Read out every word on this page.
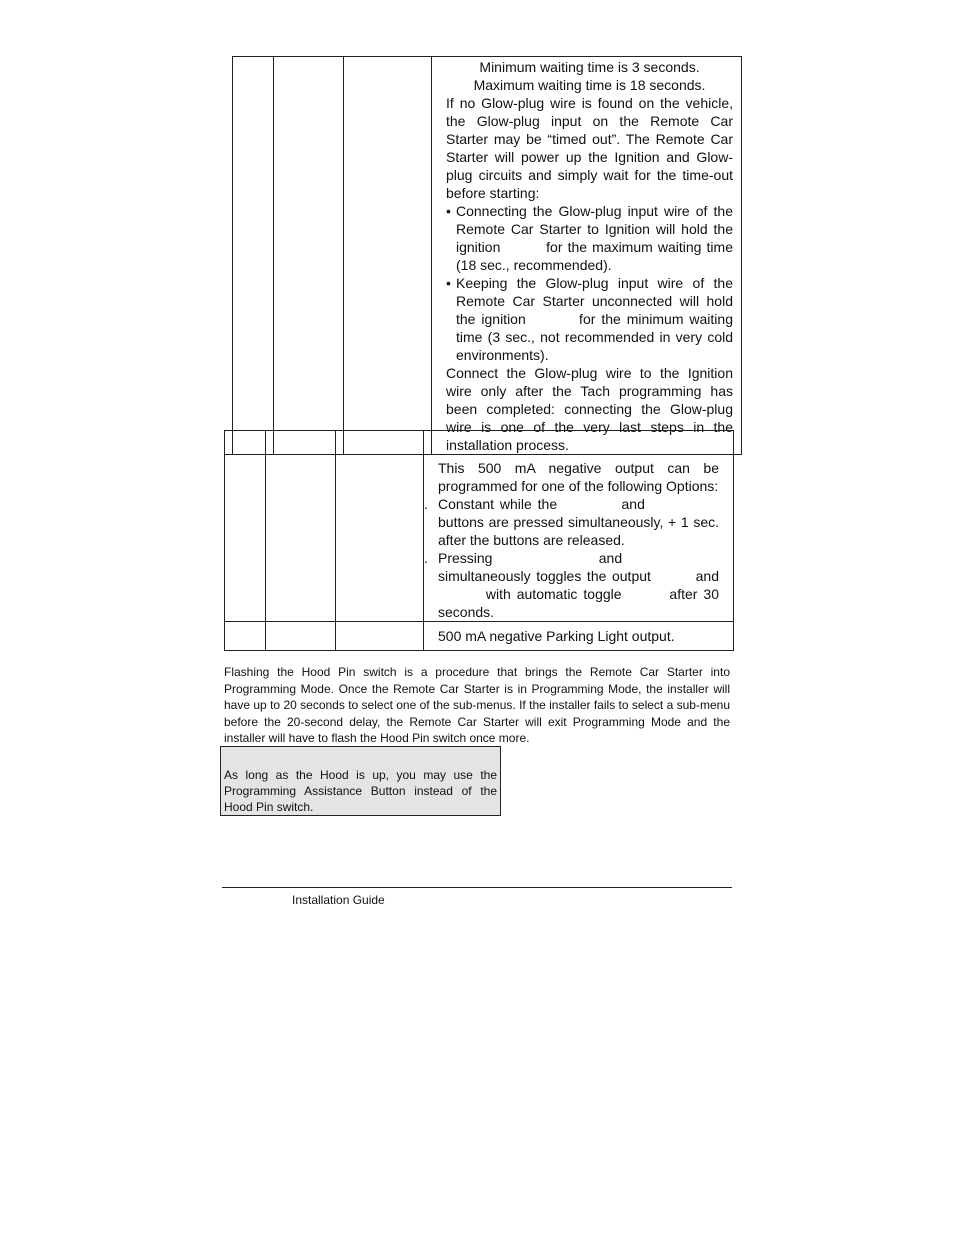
Minimum waiting time is 3 seconds.
Maximum waiting time is 18 seconds.

If no Glow-plug wire is found on the vehicle, the Glow-plug input on the Remote Car Starter may be “timed out”. The Remote Car Starter will power up the Ignition and Glow-plug circuits and simply wait for the time-out before starting:

• Connecting the Glow-plug input wire of the Remote Car Starter to Ignition will hold the ignition         for the maximum waiting time (18 sec., recommended).
• Keeping the Glow-plug input wire of the Remote Car Starter unconnected will hold the ignition         for the minimum waiting time (3 sec., not recommended in very cold environments).

Connect the Glow-plug wire to the Ignition wire only after the Tach programming has been completed: connecting the Glow-plug wire is one of the very last steps in the installation process.

			This 500 mA negative output can be programmed for one of the following Options:

. Constant while the           and              buttons are pressed simultaneously, + 1 sec. after the buttons are released.
. Pressing                and                simultaneously toggles the output        and         with automatic toggle        after 30 seconds.

			500 mA negative Parking Light output.

Flashing the Hood Pin switch is a procedure that brings the Remote Car Starter into Programming Mode. Once the Remote Car Starter is in Programming Mode, the installer will have up to 20 seconds to select one of the sub-menus. If the installer fails to select a sub-menu before the 20-second delay, the Remote Car Starter will exit Programming Mode and the installer will have to flash the Hood Pin switch once more.

As long as the Hood is up, you may use the Programming Assistance Button instead of the Hood Pin switch.
Installation Guide
